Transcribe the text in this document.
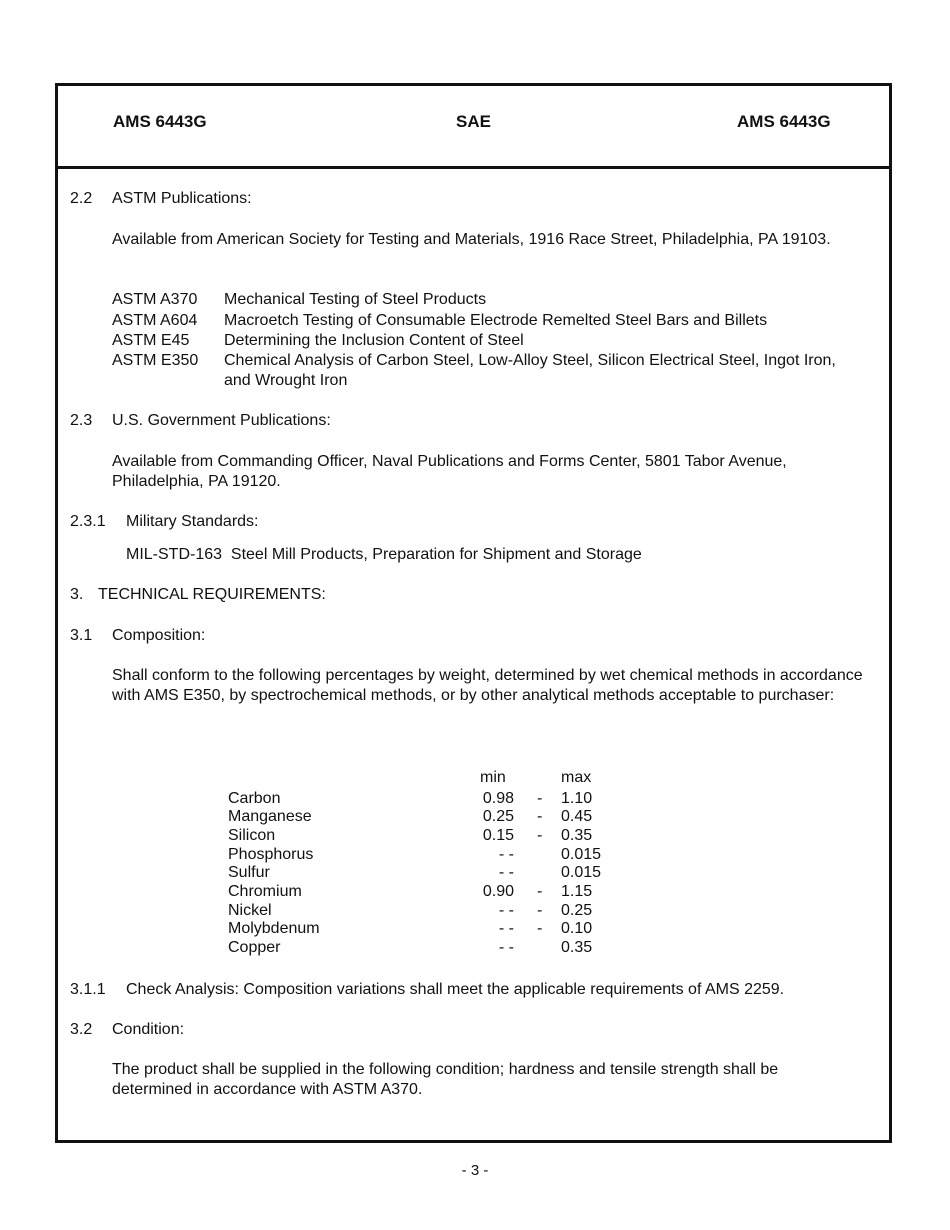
AMS 6443G	SAE	AMS 6443G
2.2 ASTM Publications:
Available from American Society for Testing and Materials, 1916 Race Street, Philadelphia, PA 19103.
ASTM A370 Mechanical Testing of Steel Products
ASTM A604 Macroetch Testing of Consumable Electrode Remelted Steel Bars and Billets
ASTM E45 Determining the Inclusion Content of Steel
ASTM E350 Chemical Analysis of Carbon Steel, Low-Alloy Steel, Silicon Electrical Steel, Ingot Iron, and Wrought Iron
2.3 U.S. Government Publications:
Available from Commanding Officer, Naval Publications and Forms Center, 5801 Tabor Avenue, Philadelphia, PA 19120.
2.3.1 Military Standards:
MIL-STD-163  Steel Mill Products, Preparation for Shipment and Storage
3. TECHNICAL REQUIREMENTS:
3.1 Composition:
Shall conform to the following percentages by weight, determined by wet chemical methods in accordance with AMS E350, by spectrochemical methods, or by other analytical methods acceptable to purchaser:
min	max
Carbon	0.98 - 1.10
Manganese	0.25 - 0.45
Silicon	0.15 - 0.35
Phosphorus	- -	0.015
Sulfur	- -	0.015
Chromium	0.90 - 1.15
Nickel	- - - 0.25
Molybdenum	- - - 0.10
Copper	- -	0.35
3.1.1 Check Analysis: Composition variations shall meet the applicable requirements of AMS 2259.
3.2 Condition:
The product shall be supplied in the following condition; hardness and tensile strength shall be determined in accordance with ASTM A370.
- 3 -
